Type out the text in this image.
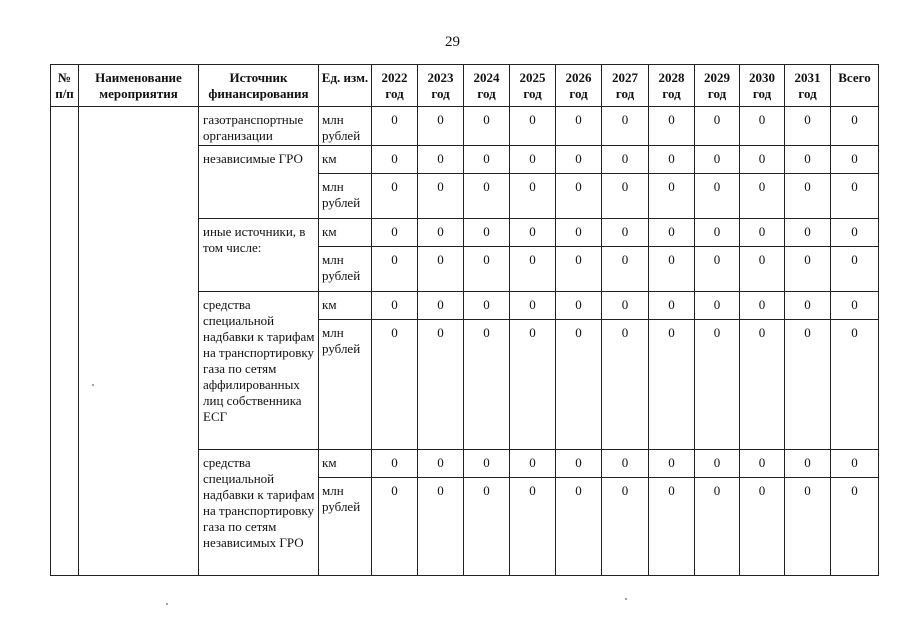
29
№ п/п	Наименование мероприятия	Источник финансирования	Ед. изм.	2022 год	2023 год	2024 год	2025 год	2026 год	2027 год	2028 год	2029 год	2030 год	2031 год	Всего
		газотранспортные организации	млн рублей	0	0	0	0	0	0	0	0	0	0	0
		независимые ГРО	км	0	0	0	0	0	0	0	0	0	0	0
			млн рублей	0	0	0	0	0	0	0	0	0	0	0
		иные источники, в том числе:	км	0	0	0	0	0	0	0	0	0	0	0
			млн рублей	0	0	0	0	0	0	0	0	0	0	0
		средства специальной надбавки к тарифам на транспортировку газа по сетям аффилированных лиц собственника ЕСГ	км	0	0	0	0	0	0	0	0	0	0	0
			млн рублей	0	0	0	0	0	0	0	0	0	0	0
		средства специальной надбавки к тарифам на транспортировку газа по сетям независимых ГРО	км	0	0	0	0	0	0	0	0	0	0	0
			млн рублей	0	0	0	0	0	0	0	0	0	0	0
